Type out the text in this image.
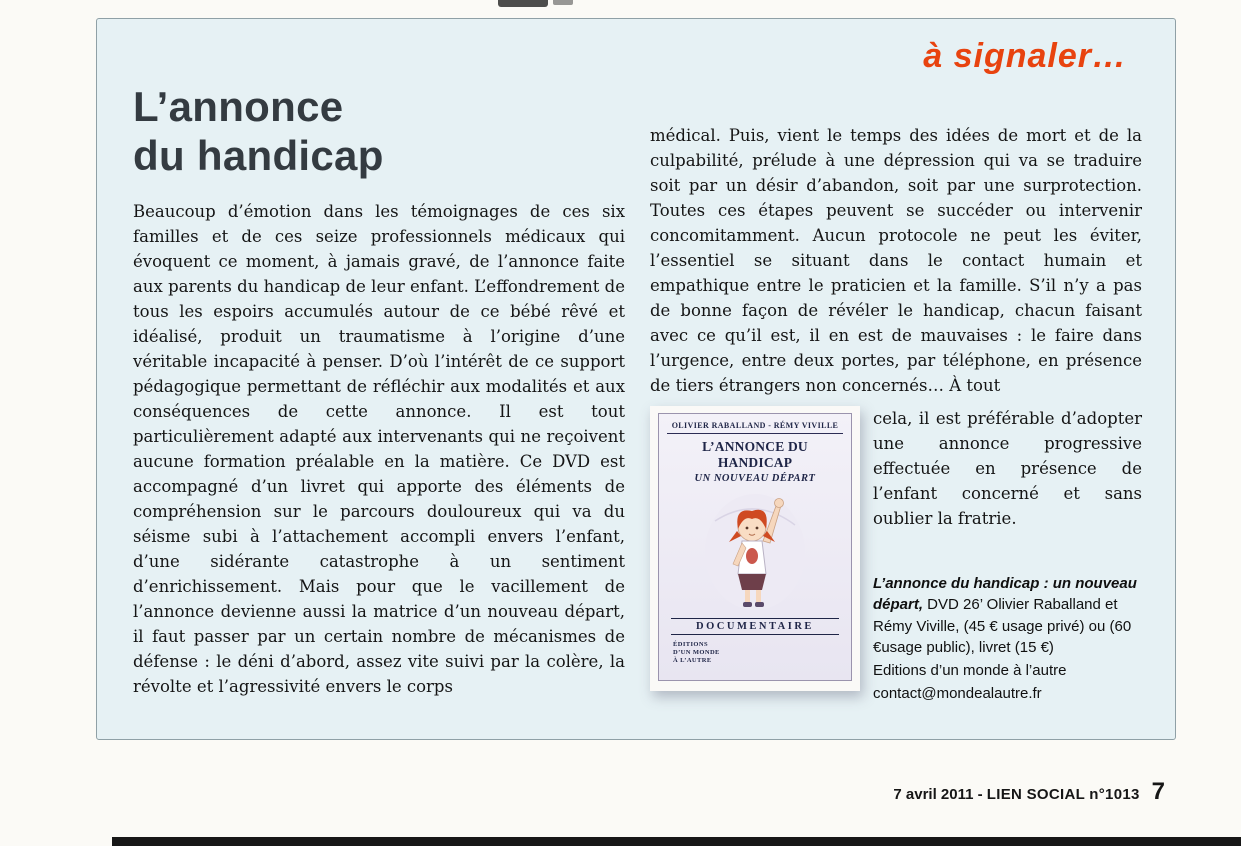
à signaler…
L’annonce
du handicap

Beaucoup d’émotion dans les témoignages de ces six familles et de ces seize professionnels médicaux qui évoquent ce moment, à jamais gravé, de l’annonce faite aux parents du handicap de leur enfant. L’effondrement de tous les espoirs accumulés autour de ce bébé rêvé et idéalisé, produit un traumatisme à l’origine d’une véritable incapacité à penser. D’où l’intérêt de ce support pédagogique permettant de réfléchir aux modalités et aux conséquences de cette annonce. Il est tout particulièrement adapté aux intervenants qui ne reçoivent aucune formation préalable en la matière. Ce DVD est accompagné d’un livret qui apporte des éléments de compréhension sur le parcours douloureux qui va du séisme subi à l’attachement accompli envers l’enfant, d’une sidérante catastrophe à un sentiment d’enrichissement. Mais pour que le vacillement de l’annonce devienne aussi la matrice d’un nouveau départ, il faut passer par un certain nombre de mécanismes de défense : le déni d’abord, assez vite suivi par la colère, la révolte et l’agressivité envers le corps

médical. Puis, vient le temps des idées de mort et de la culpabilité, prélude à une dépression qui va se traduire soit par un désir d’abandon, soit par une surprotection. Toutes ces étapes peuvent se succéder ou intervenir concomitamment. Aucun protocole ne peut les éviter, l’essentiel se situant dans le contact humain et empathique entre le praticien et la famille. S’il n’y a pas de bonne façon de révéler le handicap, chacun faisant avec ce qu’il est, il en est de mauvaises : le faire dans l’urgence, entre deux portes, par téléphone, en présence de tiers étrangers non concernés… À tout

OLIVIER RABALLAND - RÉMY VIVILLE
L’ANNONCE DU HANDICAP
UN NOUVEAU DÉPART
DOCUMENTAIRE
ÉDITIONS
D’UN MONDE
À L’AUTRE

cela, il est préférable d’adopter une annonce progressive effectuée en présence de l’enfant concerné et sans oublier la fratrie.

L’annonce du handicap : un nouveau départ, DVD 26’ Olivier Raballand et Rémy Viville, (45 € usage privé) ou (60 €usage public), livret (15 €)

Editions d’un monde à l’autre
contact@mondealautre.fr
7 avril 2011 - LIEN SOCIAL n°1013 7
